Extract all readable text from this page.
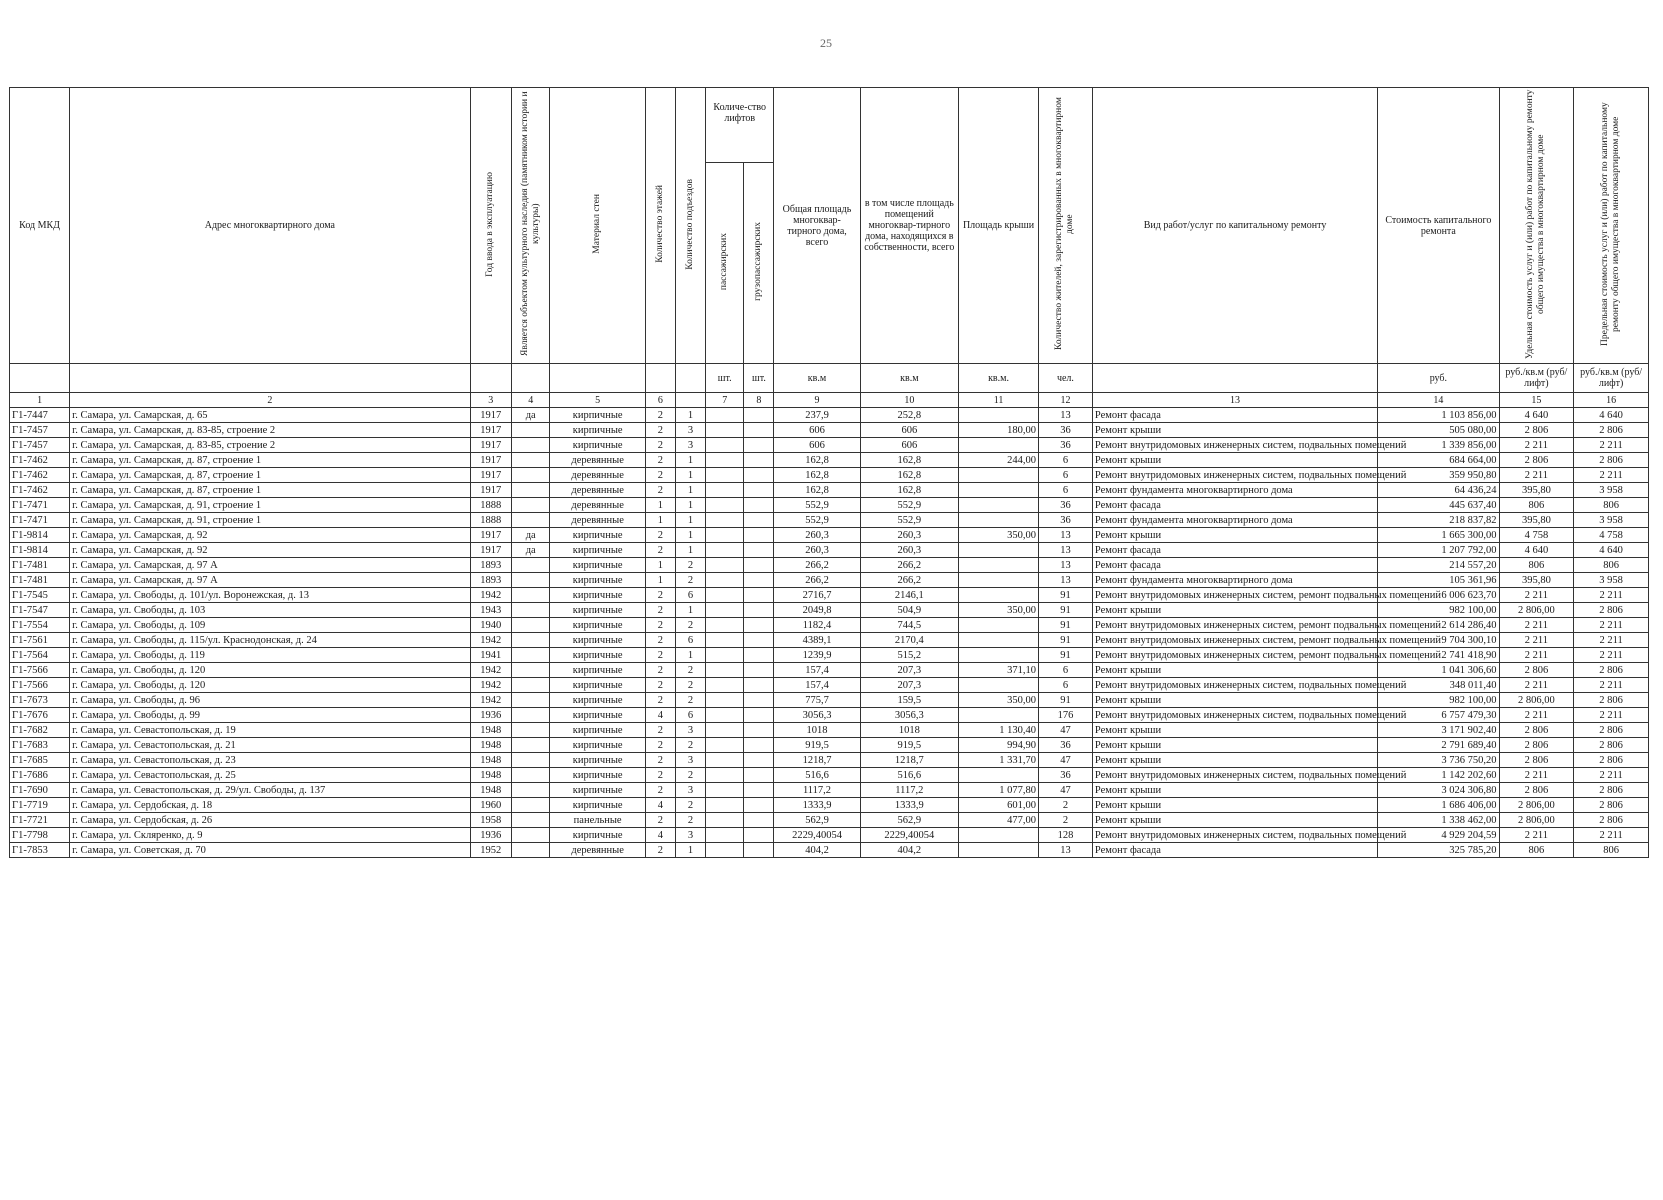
25
Код МКД	Адрес многоквартирного дома	Год ввода в эксплуатацию	Является объектом культурного наследия (памятником истории и культуры)	Материал стен	Количество этажей	Количество подъездов	Количе-ство лифтов		Общая площадь многоквар-тирного дома, всего	в том числе площадь помещений многоквар-тирного дома, находящихся в собственности, всего	Площадь крыши	Количество жителей, зарегистрированных в многоквартирном доме	Вид работ/услуг по капитальному ремонту	Стоимость капитального ремонта	Удельная стоимость услуг и (или) работ по капитальному ремонту общего имущества в многоквартирном доме	Предельная стоимость услуг и (или) работ по капитальному ремонту общего имущества в многоквартирном доме
							пассажирских	грузопассажирских								
							шт.	шт.	кв.м	кв.м	кв.м.	чел.		руб.	руб./кв.м (руб/лифт)	руб./кв.м (руб/лифт)
1	2	3	4	5	6		7	8	9	10	11	12	13	14	15	16
Г1-7447	г. Самара, ул. Самарская, д. 65	1917	да	кирпичные	2	1			237,9	252,8		13	Ремонт фасада	1 103 856,00	4 640	4 640
Г1-7457	г. Самара, ул. Самарская, д. 83-85, строение 2	1917		кирпичные	2	3			606	606	180,00	36	Ремонт крыши	505 080,00	2 806	2 806
Г1-7457	г. Самара, ул. Самарская, д. 83-85, строение 2	1917		кирпичные	2	3			606	606		36	Ремонт внутридомовых инженерных систем, подвальных помещений	1 339 856,00	2 211	2 211
Г1-7462	г. Самара, ул. Самарская, д. 87, строение 1	1917		деревянные	2	1			162,8	162,8	244,00	6	Ремонт крыши	684 664,00	2 806	2 806
Г1-7462	г. Самара, ул. Самарская, д. 87, строение 1	1917		деревянные	2	1			162,8	162,8		6	Ремонт внутридомовых инженерных систем, подвальных помещений	359 950,80	2 211	2 211
Г1-7462	г. Самара, ул. Самарская, д. 87, строение 1	1917		деревянные	2	1			162,8	162,8		6	Ремонт фундамента многоквартирного дома	64 436,24	395,80	3 958
Г1-7471	г. Самара, ул. Самарская, д. 91, строение 1	1888		деревянные	1	1			552,9	552,9		36	Ремонт фасада	445 637,40	806	806
Г1-7471	г. Самара, ул. Самарская, д. 91, строение 1	1888		деревянные	1	1			552,9	552,9		36	Ремонт фундамента многоквартирного дома	218 837,82	395,80	3 958
Г1-9814	г. Самара, ул. Самарская, д. 92	1917	да	кирпичные	2	1			260,3	260,3	350,00	13	Ремонт крыши	1 665 300,00	4 758	4 758
Г1-9814	г. Самара, ул. Самарская, д. 92	1917	да	кирпичные	2	1			260,3	260,3		13	Ремонт фасада	1 207 792,00	4 640	4 640
Г1-7481	г. Самара, ул. Самарская, д. 97 А	1893		кирпичные	1	2			266,2	266,2		13	Ремонт фасада	214 557,20	806	806
Г1-7481	г. Самара, ул. Самарская, д. 97 А	1893		кирпичные	1	2			266,2	266,2		13	Ремонт фундамента многоквартирного дома	105 361,96	395,80	3 958
Г1-7545	г. Самара, ул. Свободы, д. 101/ул. Воронежская, д. 13	1942		кирпичные	2	6			2716,7	2146,1		91	Ремонт внутридомовых инженерных систем, ремонт подвальных помещений	6 006 623,70	2 211	2 211
Г1-7547	г. Самара, ул. Свободы, д. 103	1943		кирпичные	2	1			2049,8	504,9	350,00	91	Ремонт крыши	982 100,00	2 806,00	2 806
Г1-7554	г. Самара, ул. Свободы, д. 109	1940		кирпичные	2	2			1182,4	744,5		91	Ремонт внутридомовых инженерных систем, ремонт подвальных помещений	2 614 286,40	2 211	2 211
Г1-7561	г. Самара, ул. Свободы, д. 115/ул. Краснодонская, д. 24	1942		кирпичные	2	6			4389,1	2170,4		91	Ремонт внутридомовых инженерных систем, ремонт подвальных помещений	9 704 300,10	2 211	2 211
Г1-7564	г. Самара, ул. Свободы, д. 119	1941		кирпичные	2	1			1239,9	515,2		91	Ремонт внутридомовых инженерных систем, ремонт подвальных помещений	2 741 418,90	2 211	2 211
Г1-7566	г. Самара, ул. Свободы, д. 120	1942		кирпичные	2	2			157,4	207,3	371,10	6	Ремонт крыши	1 041 306,60	2 806	2 806
Г1-7566	г. Самара, ул. Свободы, д. 120	1942		кирпичные	2	2			157,4	207,3		6	Ремонт внутридомовых инженерных систем, подвальных помещений	348 011,40	2 211	2 211
Г1-7673	г. Самара, ул. Свободы, д. 96	1942		кирпичные	2	2			775,7	159,5	350,00	91	Ремонт крыши	982 100,00	2 806,00	2 806
Г1-7676	г. Самара, ул. Свободы, д. 99	1936		кирпичные	4	6			3056,3	3056,3		176	Ремонт внутридомовых инженерных систем, подвальных помещений	6 757 479,30	2 211	2 211
Г1-7682	г. Самара, ул. Севастопольская, д. 19	1948		кирпичные	2	3			1018	1018	1 130,40	47	Ремонт крыши	3 171 902,40	2 806	2 806
Г1-7683	г. Самара, ул. Севастопольская, д. 21	1948		кирпичные	2	2			919,5	919,5	994,90	36	Ремонт крыши	2 791 689,40	2 806	2 806
Г1-7685	г. Самара, ул. Севастопольская, д. 23	1948		кирпичные	2	3			1218,7	1218,7	1 331,70	47	Ремонт крыши	3 736 750,20	2 806	2 806
Г1-7686	г. Самара, ул. Севастопольская, д. 25	1948		кирпичные	2	2			516,6	516,6		36	Ремонт внутридомовых инженерных систем, подвальных помещений	1 142 202,60	2 211	2 211
Г1-7690	г. Самара, ул. Севастопольская, д. 29/ул. Свободы, д. 137	1948		кирпичные	2	3			1117,2	1117,2	1 077,80	47	Ремонт крыши	3 024 306,80	2 806	2 806
Г1-7719	г. Самара, ул. Сердобская, д. 18	1960		кирпичные	4	2			1333,9	1333,9	601,00	2	Ремонт крыши	1 686 406,00	2 806,00	2 806
Г1-7721	г. Самара, ул. Сердобская, д. 26	1958		панельные	2	2			562,9	562,9	477,00	2	Ремонт крыши	1 338 462,00	2 806,00	2 806
Г1-7798	г. Самара, ул. Скляренко, д. 9	1936		кирпичные	4	3			2229,40054	2229,40054		128	Ремонт внутридомовых инженерных систем, подвальных помещений	4 929 204,59	2 211	2 211
Г1-7853	г. Самара, ул. Советская, д. 70	1952		деревянные	2	1			404,2	404,2		13	Ремонт фасада	325 785,20	806	806
